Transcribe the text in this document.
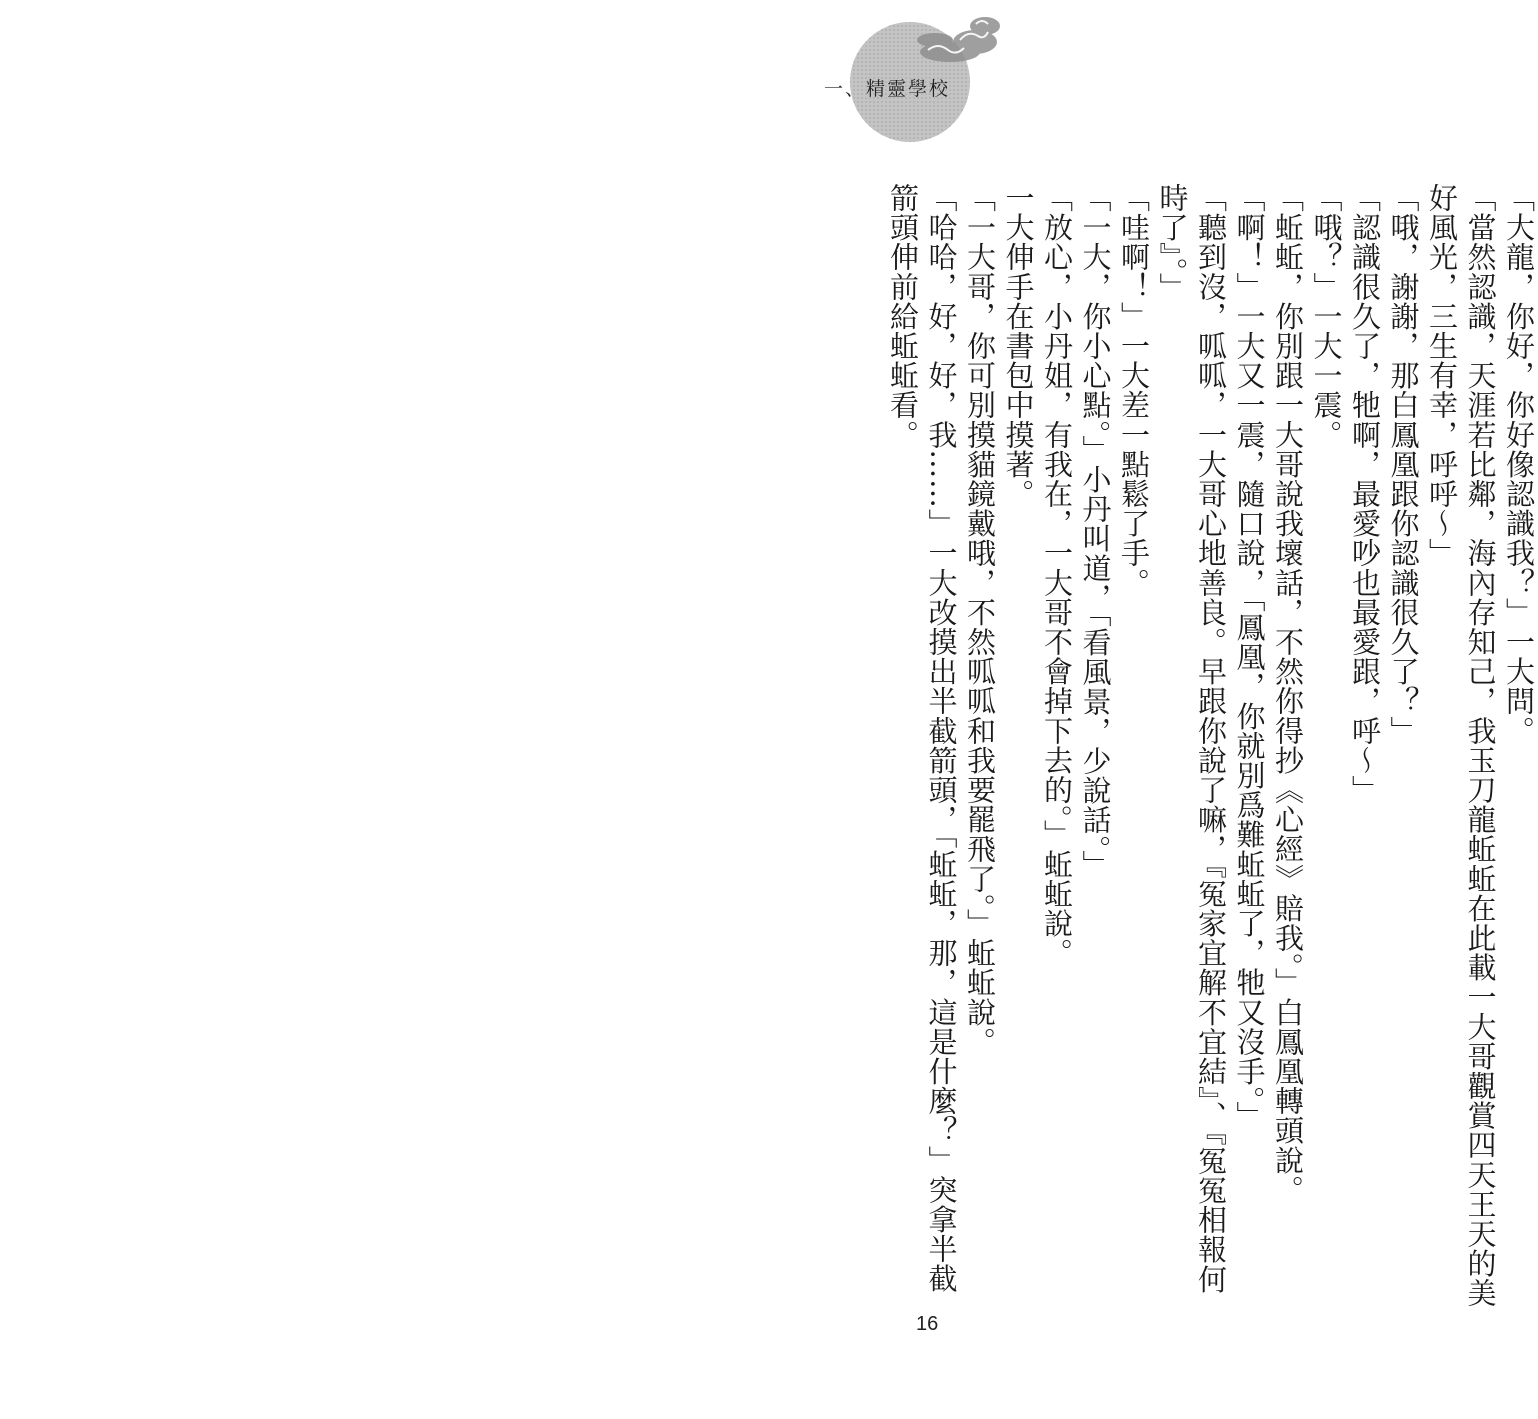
一、精靈學校

「大龍，你好，你好像認識我？」一大問。

「當然認識，天涯若比鄰，海內存知己，我玉刀龍蚯蚯在此載一大哥觀賞四天王天的美好風光，三生有幸，呼呼～」

「哦，謝謝，那白鳳凰跟你認識很久了？」

「認識很久了，牠啊，最愛吵也最愛跟，呼～」

「哦？」一大一震。

「蚯蚯，你別跟一大哥說我壞話，不然你得抄《心經》賠我。」白鳳凰轉頭說。

「啊！」一大又一震，隨口說，「鳳凰，你就別爲難蚯蚯了，牠又沒手。」

「聽到沒，呱呱，一大哥心地善良。早跟你說了嘛，『冤家宜解不宜結』、『冤冤相報何時了』。」

「哇啊！」一大差一點鬆了手。

「一大，你小心點。」小丹叫道，「看風景，少說話。」

「放心，小丹姐，有我在，一大哥不會掉下去的。」蚯蚯說。

一大伸手在書包中摸著。

「一大哥，你可別摸貓鏡戴哦，不然呱呱和我要罷飛了。」蚯蚯說。

「哈哈，好，好，我……」一大改摸出半截箭頭，「蚯蚯，那，這是什麼？」突拿半截箭頭伸前給蚯蚯看。

16
